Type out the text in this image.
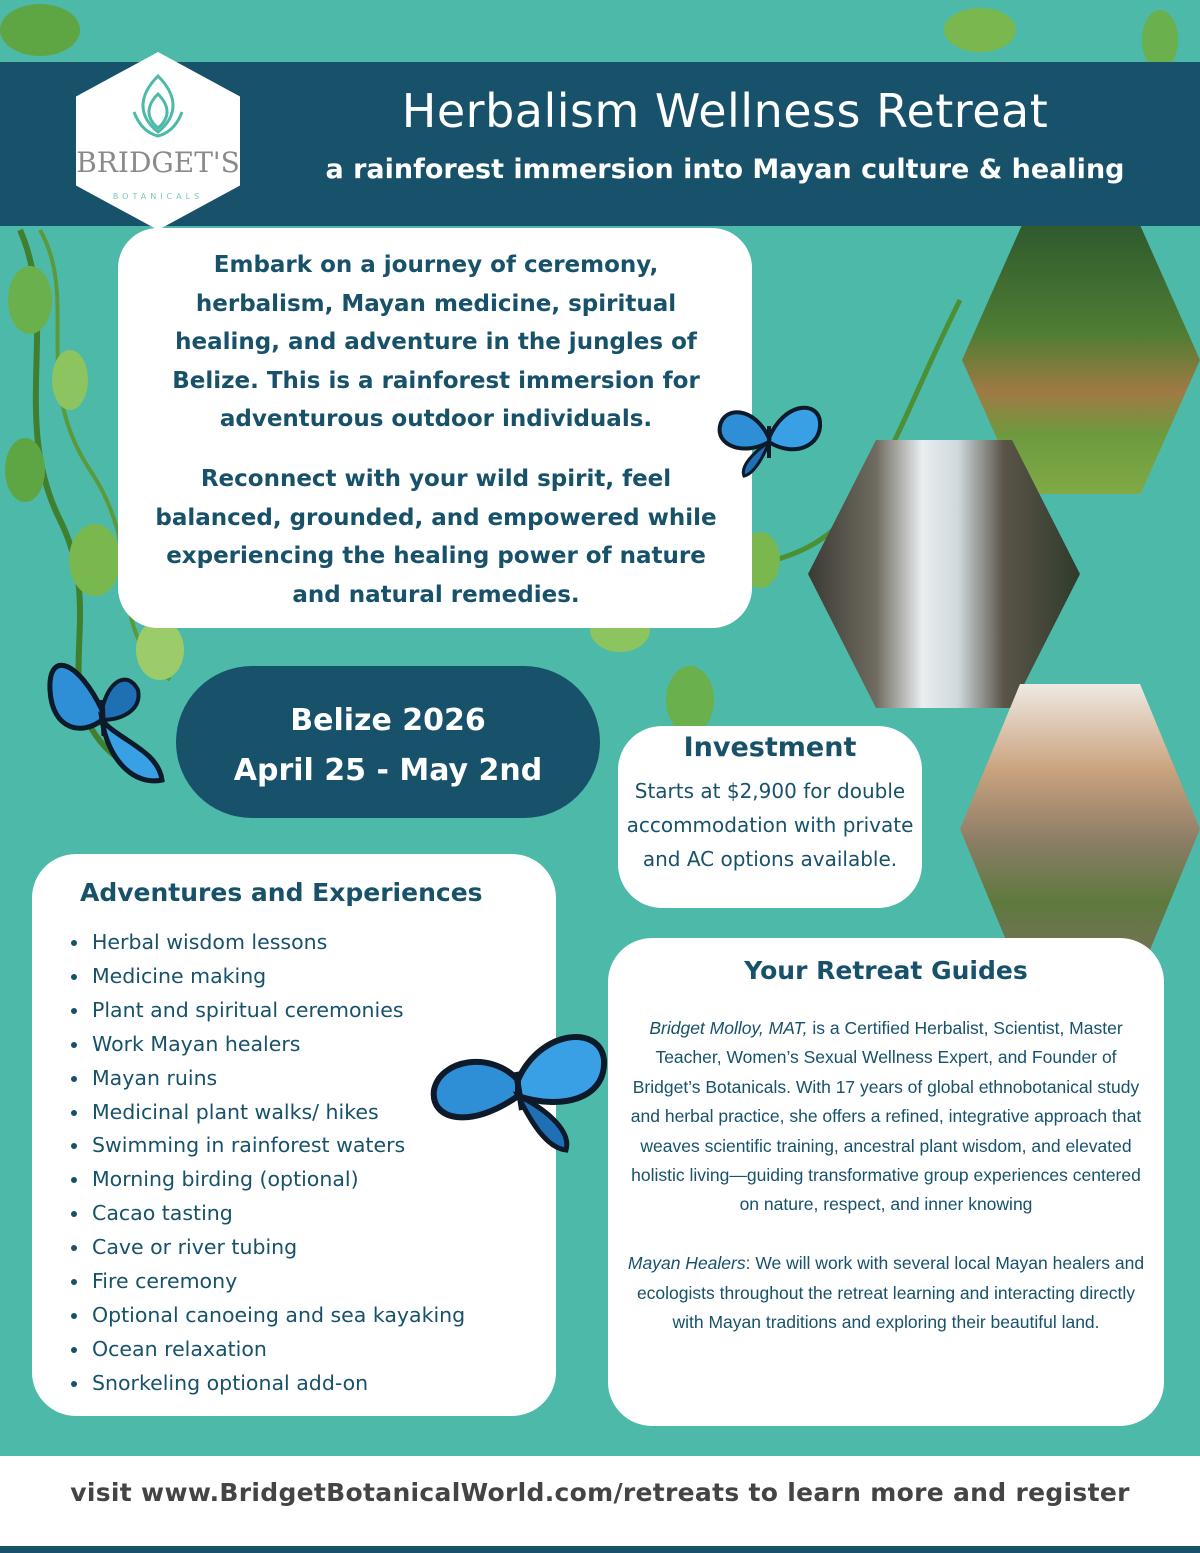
Herbalism Wellness Retreat
a rainforest immersion into Mayan culture & healing
BRIDGET'S
BOTANICALS
Embark on a journey of ceremony, herbalism, Mayan medicine, spiritual healing, and adventure in the jungles of Belize. This is a rainforest immersion for adventurous outdoor individuals.
Reconnect with your wild spirit, feel balanced, grounded, and empowered while experiencing the healing power of nature and natural remedies.
Belize 2026
April 25 - May 2nd
Investment
Starts at $2,900 for double accommodation with private and AC options available.
Adventures and Experiences
• Herbal wisdom lessons
• Medicine making
• Plant and spiritual ceremonies
• Work Mayan healers
• Mayan ruins
• Medicinal plant walks/ hikes
• Swimming in rainforest waters
• Morning birding (optional)
• Cacao tasting
• Cave or river tubing
• Fire ceremony
• Optional canoeing and sea kayaking
• Ocean relaxation
• Snorkeling optional add-on
Your Retreat Guides

Bridget Molloy, MAT, is a Certified Herbalist, Scientist, Master Teacher, Women’s Sexual Wellness Expert, and Founder of Bridget’s Botanicals. With 17 years of global ethnobotanical study and herbal practice, she offers a refined, integrative approach that weaves scientific training, ancestral plant wisdom, and elevated holistic living—guiding transformative group experiences centered on nature, respect, and inner knowing

Mayan Healers: We will work with several local Mayan healers and ecologists throughout the retreat learning and interacting directly with Mayan traditions and exploring their beautiful land.

visit www.BridgetBotanicalWorld.com/retreats to learn more and register
